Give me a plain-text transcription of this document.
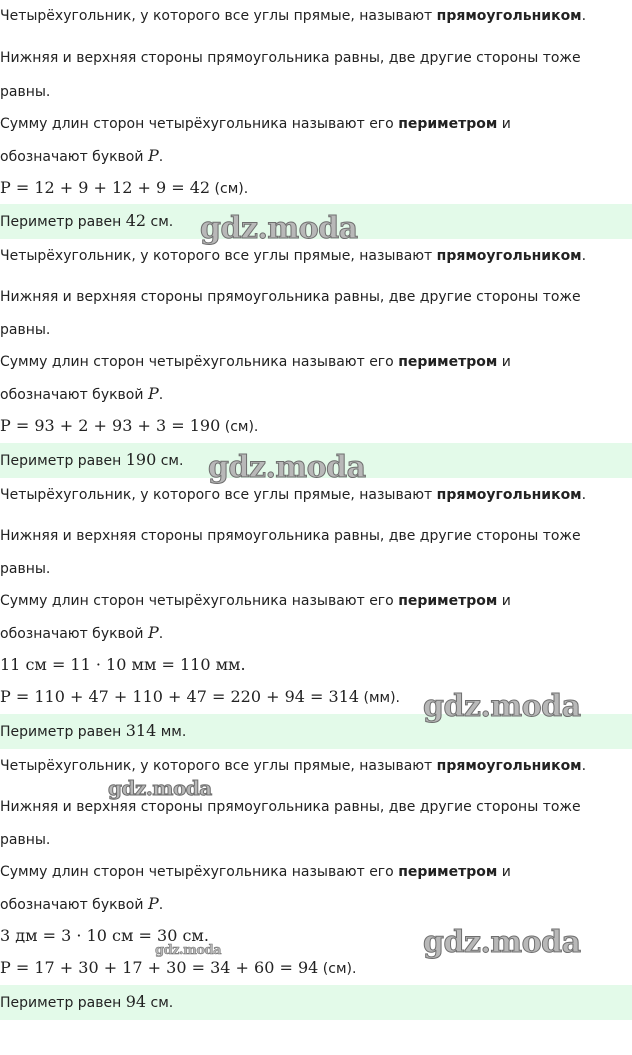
Четырёхугольник, у которого все углы прямые, называют прямоугольником.
Нижняя и верхняя стороны прямоугольника равны, две другие стороны тоже
равны.
Сумму длин сторон четырёхугольника называют его периметром и
обозначают буквой P.
P = 12 + 9 + 12 + 9 = 42 (см).
Периметр равен 42 см.
Четырёхугольник, у которого все углы прямые, называют прямоугольником.
Нижняя и верхняя стороны прямоугольника равны, две другие стороны тоже
равны.
Сумму длин сторон четырёхугольника называют его периметром и
обозначают буквой P.
P = 93 + 2 + 93 + 3 = 190 (см).
Периметр равен 190 см.
Четырёхугольник, у которого все углы прямые, называют прямоугольником.
Нижняя и верхняя стороны прямоугольника равны, две другие стороны тоже
равны.
Сумму длин сторон четырёхугольника называют его периметром и
обозначают буквой P.
11 см = 11 · 10 мм = 110 мм.
P = 110 + 47 + 110 + 47 = 220 + 94 = 314 (мм).
Периметр равен 314 мм.
Четырёхугольник, у которого все углы прямые, называют прямоугольником.
Нижняя и верхняя стороны прямоугольника равны, две другие стороны тоже
равны.
Сумму длин сторон четырёхугольника называют его периметром и
обозначают буквой P.
3 дм = 3 · 10 см = 30 см.
P = 17 + 30 + 17 + 30 = 34 + 60 = 94 (см).
Периметр равен 94 см.
gdz.moda
gdz.moda
gdz.moda
gdz.moda
gdz.moda
gdz.moda
